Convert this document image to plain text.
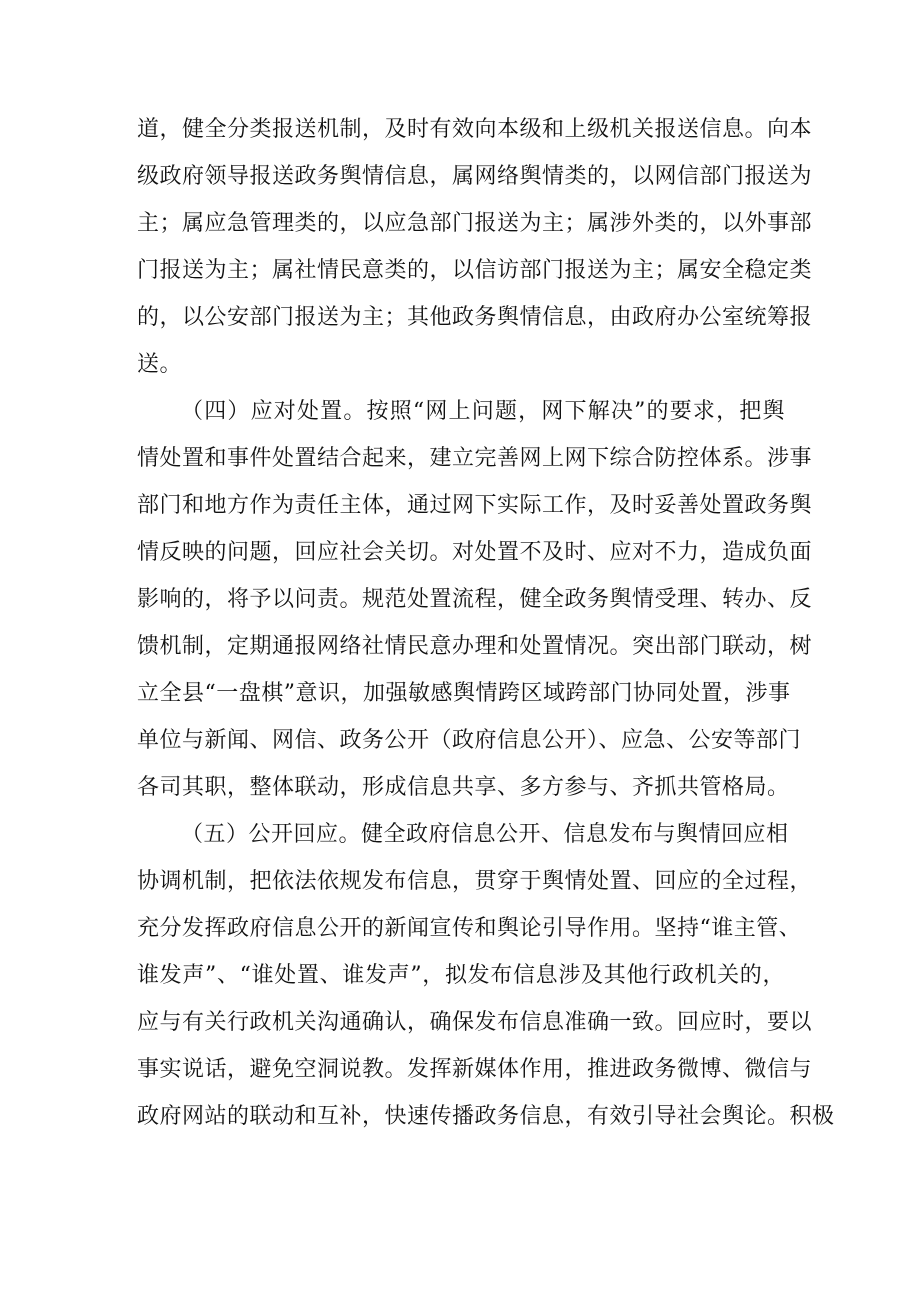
道，健全分类报送机制，及时有效向本级和上级机关报送信息。向本
级政府领导报送政务舆情信息，属网络舆情类的，以网信部门报送为
主；属应急管理类的，以应急部门报送为主；属涉外类的，以外事部
门报送为主；属社情民意类的，以信访部门报送为主；属安全稳定类
的，以公安部门报送为主；其他政务舆情信息，由政府办公室统筹报
送。
（四）应对处置。按照“网上问题，网下解决”的要求，把舆
情处置和事件处置结合起来，建立完善网上网下综合防控体系。涉事
部门和地方作为责任主体，通过网下实际工作，及时妥善处置政务舆
情反映的问题，回应社会关切。对处置不及时、应对不力，造成负面
影响的，将予以问责。规范处置流程，健全政务舆情受理、转办、反
馈机制，定期通报网络社情民意办理和处置情况。突出部门联动，树
立全县“一盘棋”意识，加强敏感舆情跨区域跨部门协同处置，涉事
单位与新闻、网信、政务公开（政府信息公开）、应急、公安等部门
各司其职，整体联动，形成信息共享、多方参与、齐抓共管格局。
（五）公开回应。健全政府信息公开、信息发布与舆情回应相
协调机制，把依法依规发布信息，贯穿于舆情处置、回应的全过程，
充分发挥政府信息公开的新闻宣传和舆论引导作用。坚持“谁主管、
谁发声”、“谁处置、谁发声”，拟发布信息涉及其他行政机关的，
应与有关行政机关沟通确认，确保发布信息准确一致。回应时，要以
事实说话，避免空洞说教。发挥新媒体作用，推进政务微博、微信与
政府网站的联动和互补，快速传播政务信息，有效引导社会舆论。积极
